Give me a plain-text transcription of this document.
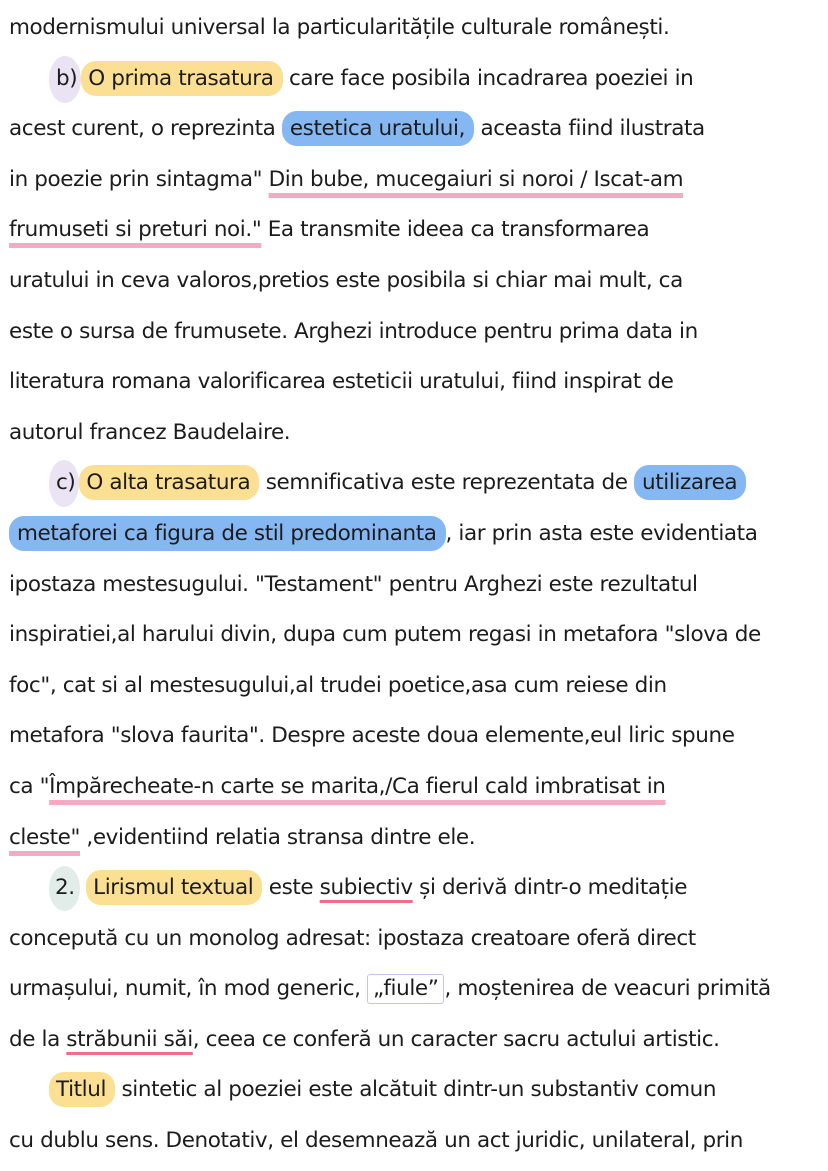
modernismului universal la particularitățile culturale românești.
b) O prima trasatura care face posibila incadrarea poeziei in
acest curent, o reprezinta estetica uratului, aceasta fiind ilustrata
in poezie prin sintagma" Din bube, mucegaiuri si noroi / Iscat-am
frumuseti si preturi noi." Ea transmite ideea ca transformarea
uratului in ceva valoros,pretios este posibila si chiar mai mult, ca
este o sursa de frumusete. Arghezi introduce pentru prima data in
literatura romana valorificarea esteticii uratului, fiind inspirat de
autorul francez Baudelaire.
c) O alta trasatura semnificativa este reprezentata de utilizarea
metaforei ca figura de stil predominanta , iar prin asta este evidentiata
ipostaza mestesugului. "Testament" pentru Arghezi este rezultatul
inspiratiei,al harului divin, dupa cum putem regasi in metafora "slova de
foc", cat si al mestesugului,al trudei poetice,asa cum reiese din
metafora "slova faurita". Despre aceste doua elemente,eul liric spune
ca "Împărecheate-n carte se marita,/Ca fierul cald imbratisat in
cleste" ,evidentiind relatia stransa dintre ele.
2. Lirismul textual este subiectiv și derivă dintr-o meditație
concepută cu un monolog adresat: ipostaza creatoare oferă direct
urmașului, numit, în mod generic, „fiule” , moștenirea de veacuri primită
de la străbunii săi, ceea ce conferă un caracter sacru actului artistic.
Titlul sintetic al poeziei este alcătuit dintr-un substantiv comun
cu dublu sens. Denotativ, el desemnează un act juridic, unilateral, prin
